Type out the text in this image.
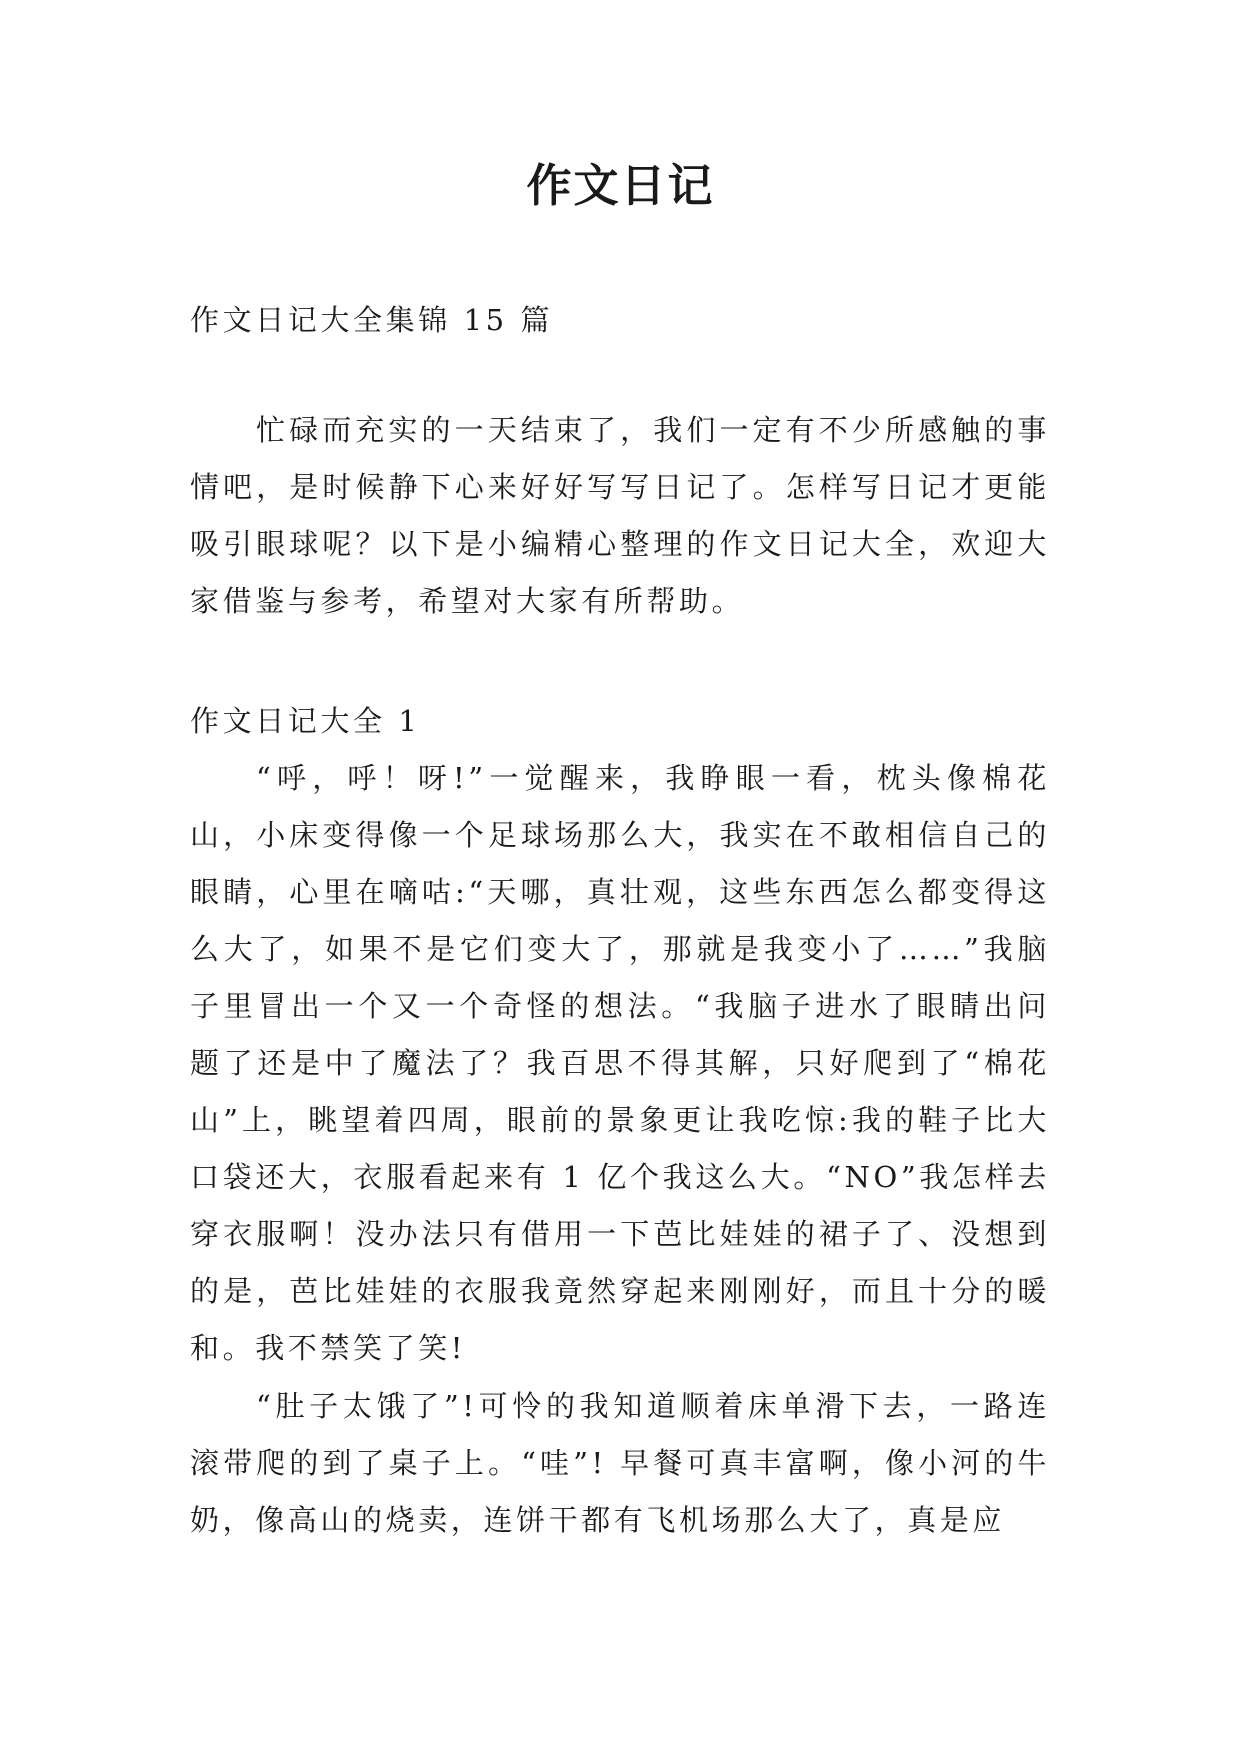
作文日记

作文日记大全集锦 15 篇

忙碌而充实的一天结束了，我们一定有不少所感触的事情吧，是时候静下心来好好写写日记了。怎样写日记才更能吸引眼球呢？以下是小编精心整理的作文日记大全，欢迎大家借鉴与参考，希望对大家有所帮助。

作文日记大全 1

“呼，呼！呀!”一觉醒来，我睁眼一看，枕头像棉花山，小床变得像一个足球场那么大，我实在不敢相信自己的眼睛，心里在嘀咕:“天哪，真壮观，这些东西怎么都变得这么大了，如果不是它们变大了，那就是我变小了……”我脑子里冒出一个又一个奇怪的想法。“我脑子进水了眼睛出问题了还是中了魔法了？我百思不得其解，只好爬到了“棉花山”上，眺望着四周，眼前的景象更让我吃惊:我的鞋子比大口袋还大，衣服看起来有 1 亿个我这么大。“NO”我怎样去穿衣服啊！没办法只有借用一下芭比娃娃的裙子了、没想到的是，芭比娃娃的衣服我竟然穿起来刚刚好，而且十分的暖和。我不禁笑了笑!

“肚子太饿了”!可怜的我知道顺着床单滑下去，一路连滚带爬的到了桌子上。“哇”! 早餐可真丰富啊，像小河的牛奶，像高山的烧卖，连饼干都有飞机场那么大了，真是应
